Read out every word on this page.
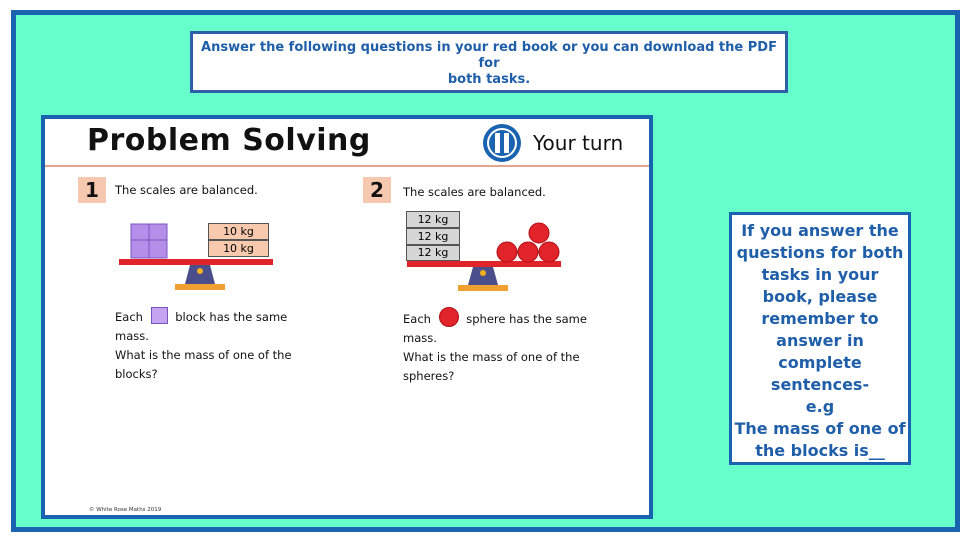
Answer the following questions in your red book or you can download the PDF for
both tasks.
Problem Solving	Your turn
1	The scales are balanced.
10 kg
10 kg
Each	block has the same
mass.
What is the mass of one of the
blocks?
2	The scales are balanced.
12 kg
12 kg
12 kg
Each	sphere has the same
mass.
What is the mass of one of the
spheres?
© White Rose Maths 2019
If you answer the
questions for both
tasks in your
book, please
remember to
answer in
complete
sentences-
e.g
The mass of one of
the blocks is__
